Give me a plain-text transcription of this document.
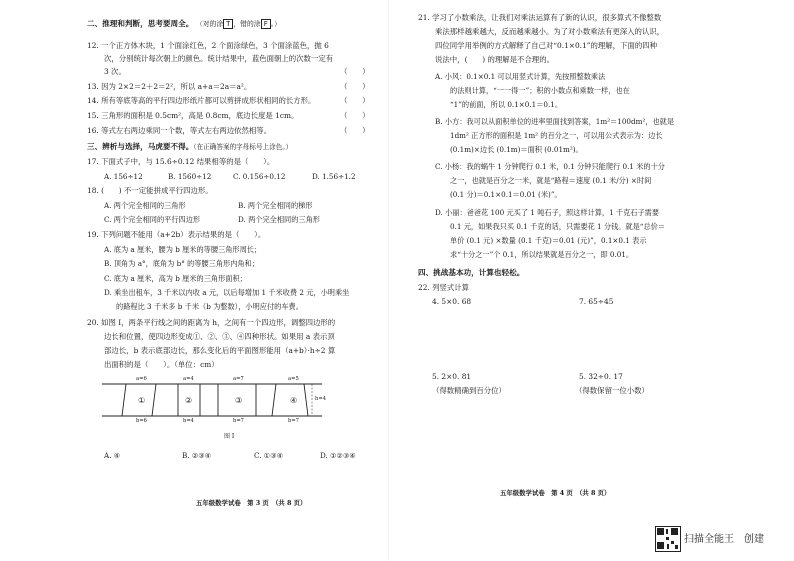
二、推理和判断，思考要周全。 （对的涂 T ，错的涂 F 。）
12. 一个正方体木块，1 个面涂红色，2 个面涂绿色，3 个面涂蓝色，抛 6
次，分别统计每次朝上的颜色。统计结果中，蓝色面朝上的次数一定有
3 次。	（　　）
13. 因为 2×2＝2＋2＝2²，所以 a+a＝2a＝a²。	（　　）
14. 所有等底等高的平行四边形纸片都可以剪拼成形状相同的长方形。	（　　）
15. 三角形的面积是 0.5cm²，高是 0.8cm，底边长度是 1cm。	（　　）
16. 等式左右两边乘同一个数，等式左右两边依然相等。	（　　）
三、辨析与选择，马虎要不得。（在正确答案的字母标号上涂色。）
17. 下面式子中，与 15.6÷0.12 结果相等的是（　　）。
A. 156÷12	B. 1560÷12	C. 0.156÷0.12	D. 1.56÷1.2
18. (　　) 不一定能拼成平行四边形。
A. 两个完全相同的三角形	B. 两个完全相同的梯形
C. 两个完全相同的平行四边形	D. 两个完全相同的三角形
19. 下列问题不能用（a+2b）表示结果的是（　　）。
A. 底为 a 厘米，腰为 b 厘米的等腰三角形周长；
B. 顶角为 a°，底角为 b° 的等腰三角形内角和；
C. 底为 a 厘米，高为 b 厘米的三角形面积；
D. 乘坐出租车，3 千米以内收 a 元，以后每增加 1 千米收费 2 元，小明乘坐
的路程比 3 千米多 b 千米（b 为整数），小明应付的车费。
20. 如图 I，两条平行线之间的距离为 h，之间有一个四边形，调整四边形的
边长和位置，使四边形变成①、②、③、④四种形状。如果用 a 表示顶
部边长，b 表示底部边长，那么变化后的平面图形能用（a+b）·h÷2 算
出面积的是（　　）。（单位：cm）
a=6
b=6
①
a=4
b=4
②
a=7
b=7
③
a=5
b=7
④	h=4
图 I
A. ④	B. ②③④	C. ①③④	D. ①②③④
五年级数学试卷　第 3 页　（共 8 页）
21. 学习了小数乘法，让我们对乘法运算有了新的认识，很多算式不像整数
乘法那样越乘越大，反而越乘越小。为了对小数乘法有更深入的认识，
四位同学用举例的方式解释了自己对“0.1×0.1”的理解，下面的四种
说法中，(　　) 的理解是不合理的。
A. 小风：0.1×0.1 可以用竖式计算，先按照整数乘法
的法则计算，“一一得一”；积的小数点和乘数一样，也在
“1”的前面，所以 0.1×0.1＝0.1。
B. 小方：我可以从面积单位的进率里面找到答案，1m²＝100dm²，也就是
1dm² 正方形的面积是 1m² 的百分之一，可以用公式表示为：边长
(0.1m)×边长 (0.1m)＝面积 (0.01m²)。
C. 小杨：我的蜗牛 1 分钟爬行 0.1 米，0.1 分钟只能爬行 0.1 米的十分
之一，也就是百分之一米，就是“路程＝速度 (0.1 米/分) ×时间
(0.1 分)＝0.1×0.1＝0.01 (米)”。
D. 小丽：爸爸花 100 元买了 1 吨石子，照这样计算，1 千克石子需要
0.1 元，如果我只买 0.1 千克的话，只需要花 1 分钱。就是“总价＝
单价 (0.1 元) ×数量 (0.1 千克)＝0.01 (元)”，0.1×0.1 表示
求“十分之一”个 0.1，所以结果就是百分之一，即 0.01。
四、挑战基本功，计算也轻松。
22. 列竖式计算
4. 5×0. 68	7. 65÷45
5. 2×0. 81	5. 32÷0. 17
（得数精确到百分位）	（得数保留一位小数）
五年级数学试卷　第 4 页　（共 8 页）
扫描全能王　创建
